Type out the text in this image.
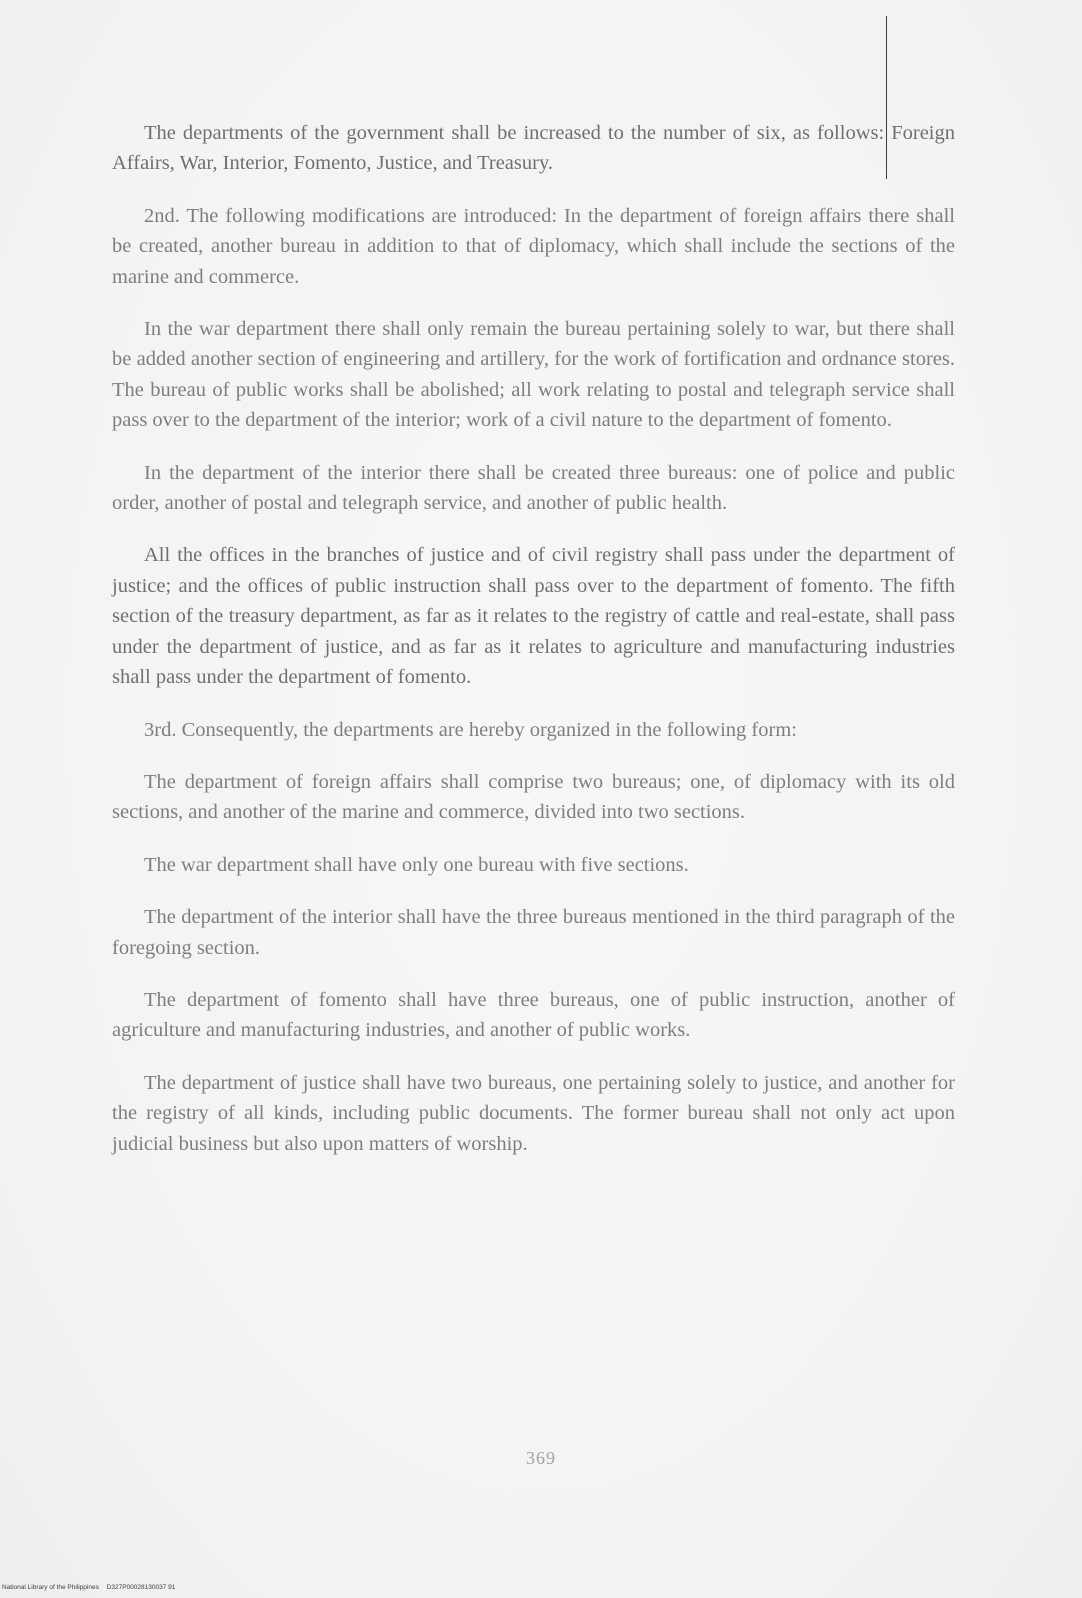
The departments of the government shall be increased to the number of six, as follows: Foreign Affairs, War, Interior, Fomento, Justice, and Treasury.

2nd. The following modifications are introduced: In the department of foreign affairs there shall be created, another bureau in addition to that of diplomacy, which shall include the sections of the marine and commerce.

In the war department there shall only remain the bureau pertaining solely to war, but there shall be added another section of engineering and artillery, for the work of fortification and ordnance stores. The bureau of public works shall be abolished; all work relating to postal and telegraph service shall pass over to the department of the interior; work of a civil nature to the department of fomento.

In the department of the interior there shall be created three bureaus: one of police and public order, another of postal and telegraph service, and another of public health.

All the offices in the branches of justice and of civil registry shall pass under the department of justice; and the offices of public instruction shall pass over to the department of fomento. The fifth section of the treasury department, as far as it relates to the registry of cattle and real-estate, shall pass under the department of justice, and as far as it relates to agriculture and manufacturing industries shall pass under the department of fomento.

3rd. Consequently, the departments are hereby organized in the following form:

The department of foreign affairs shall comprise two bureaus; one, of diplomacy with its old sections, and another of the marine and commerce, divided into two sections.

The war department shall have only one bureau with five sections.

The department of the interior shall have the three bureaus mentioned in the third paragraph of the foregoing section.

The department of fomento shall have three bureaus, one of public instruction, another of agriculture and manufacturing industries, and another of public works.

The department of justice shall have two bureaus, one pertaining solely to justice, and another for the registry of all kinds, including public documents. The former bureau shall not only act upon judicial business but also upon matters of worship.

369
National Library of the Philippines D327P00028130037 91
